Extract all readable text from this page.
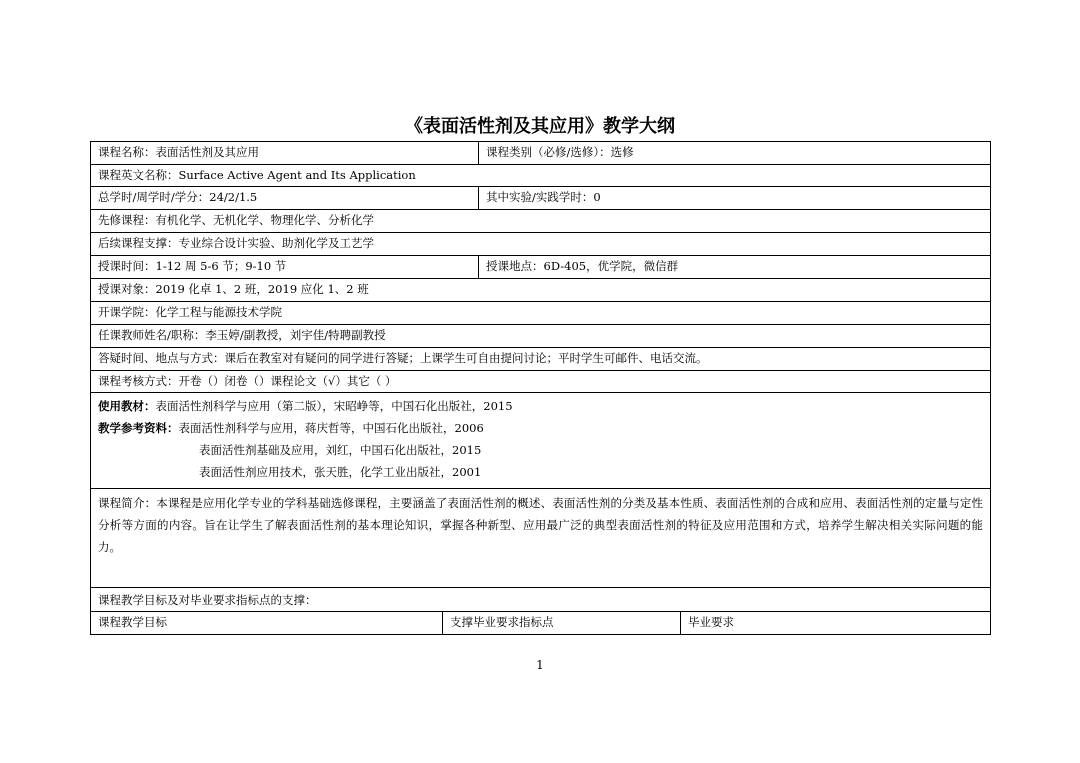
《表面活性剂及其应用》教学大纲
课程名称：表面活性剂及其应用	课程类别（必修/选修）：选修
课程英文名称：Surface Active Agent and Its Application
总学时/周学时/学分：24/2/1.5	其中实验/实践学时：0
先修课程：有机化学、无机化学、物理化学、分析化学
后续课程支撑：专业综合设计实验、助剂化学及工艺学
授课时间：1-12 周 5-6 节；9-10 节	授课地点：6D-405，优学院，微信群
授课对象：2019 化卓 1、2 班，2019 应化 1、2 班
开课学院：化学工程与能源技术学院
任课教师姓名/职称：李玉婷/副教授，刘宇佳/特聘副教授
答疑时间、地点与方式：课后在教室对有疑问的同学进行答疑；上课学生可自由提问讨论；平时学生可邮件、电话交流。
课程考核方式：开卷（）闭卷（）课程论文（√）其它（ ）
使用教材：表面活性剂科学与应用（第二版），宋昭峥等，中国石化出版社，2015
教学参考资料：表面活性剂科学与应用，蒋庆哲等，中国石化出版社，2006
表面活性剂基础及应用，刘红，中国石化出版社，2015
表面活性剂应用技术，张天胜，化学工业出版社，2001
课程简介：本课程是应用化学专业的学科基础选修课程，主要涵盖了表面活性剂的概述、表面活性剂的分类及基本性质、表面活性剂的合成和应用、表面活性剂的定量与定性分析等方面的内容。旨在让学生了解表面活性剂的基本理论知识，掌握各种新型、应用最广泛的典型表面活性剂的特征及应用范围和方式，培养学生解决相关实际问题的能力。
课程教学目标及对毕业要求指标点的支撑：
课程教学目标	支撑毕业要求指标点	毕业要求
1
